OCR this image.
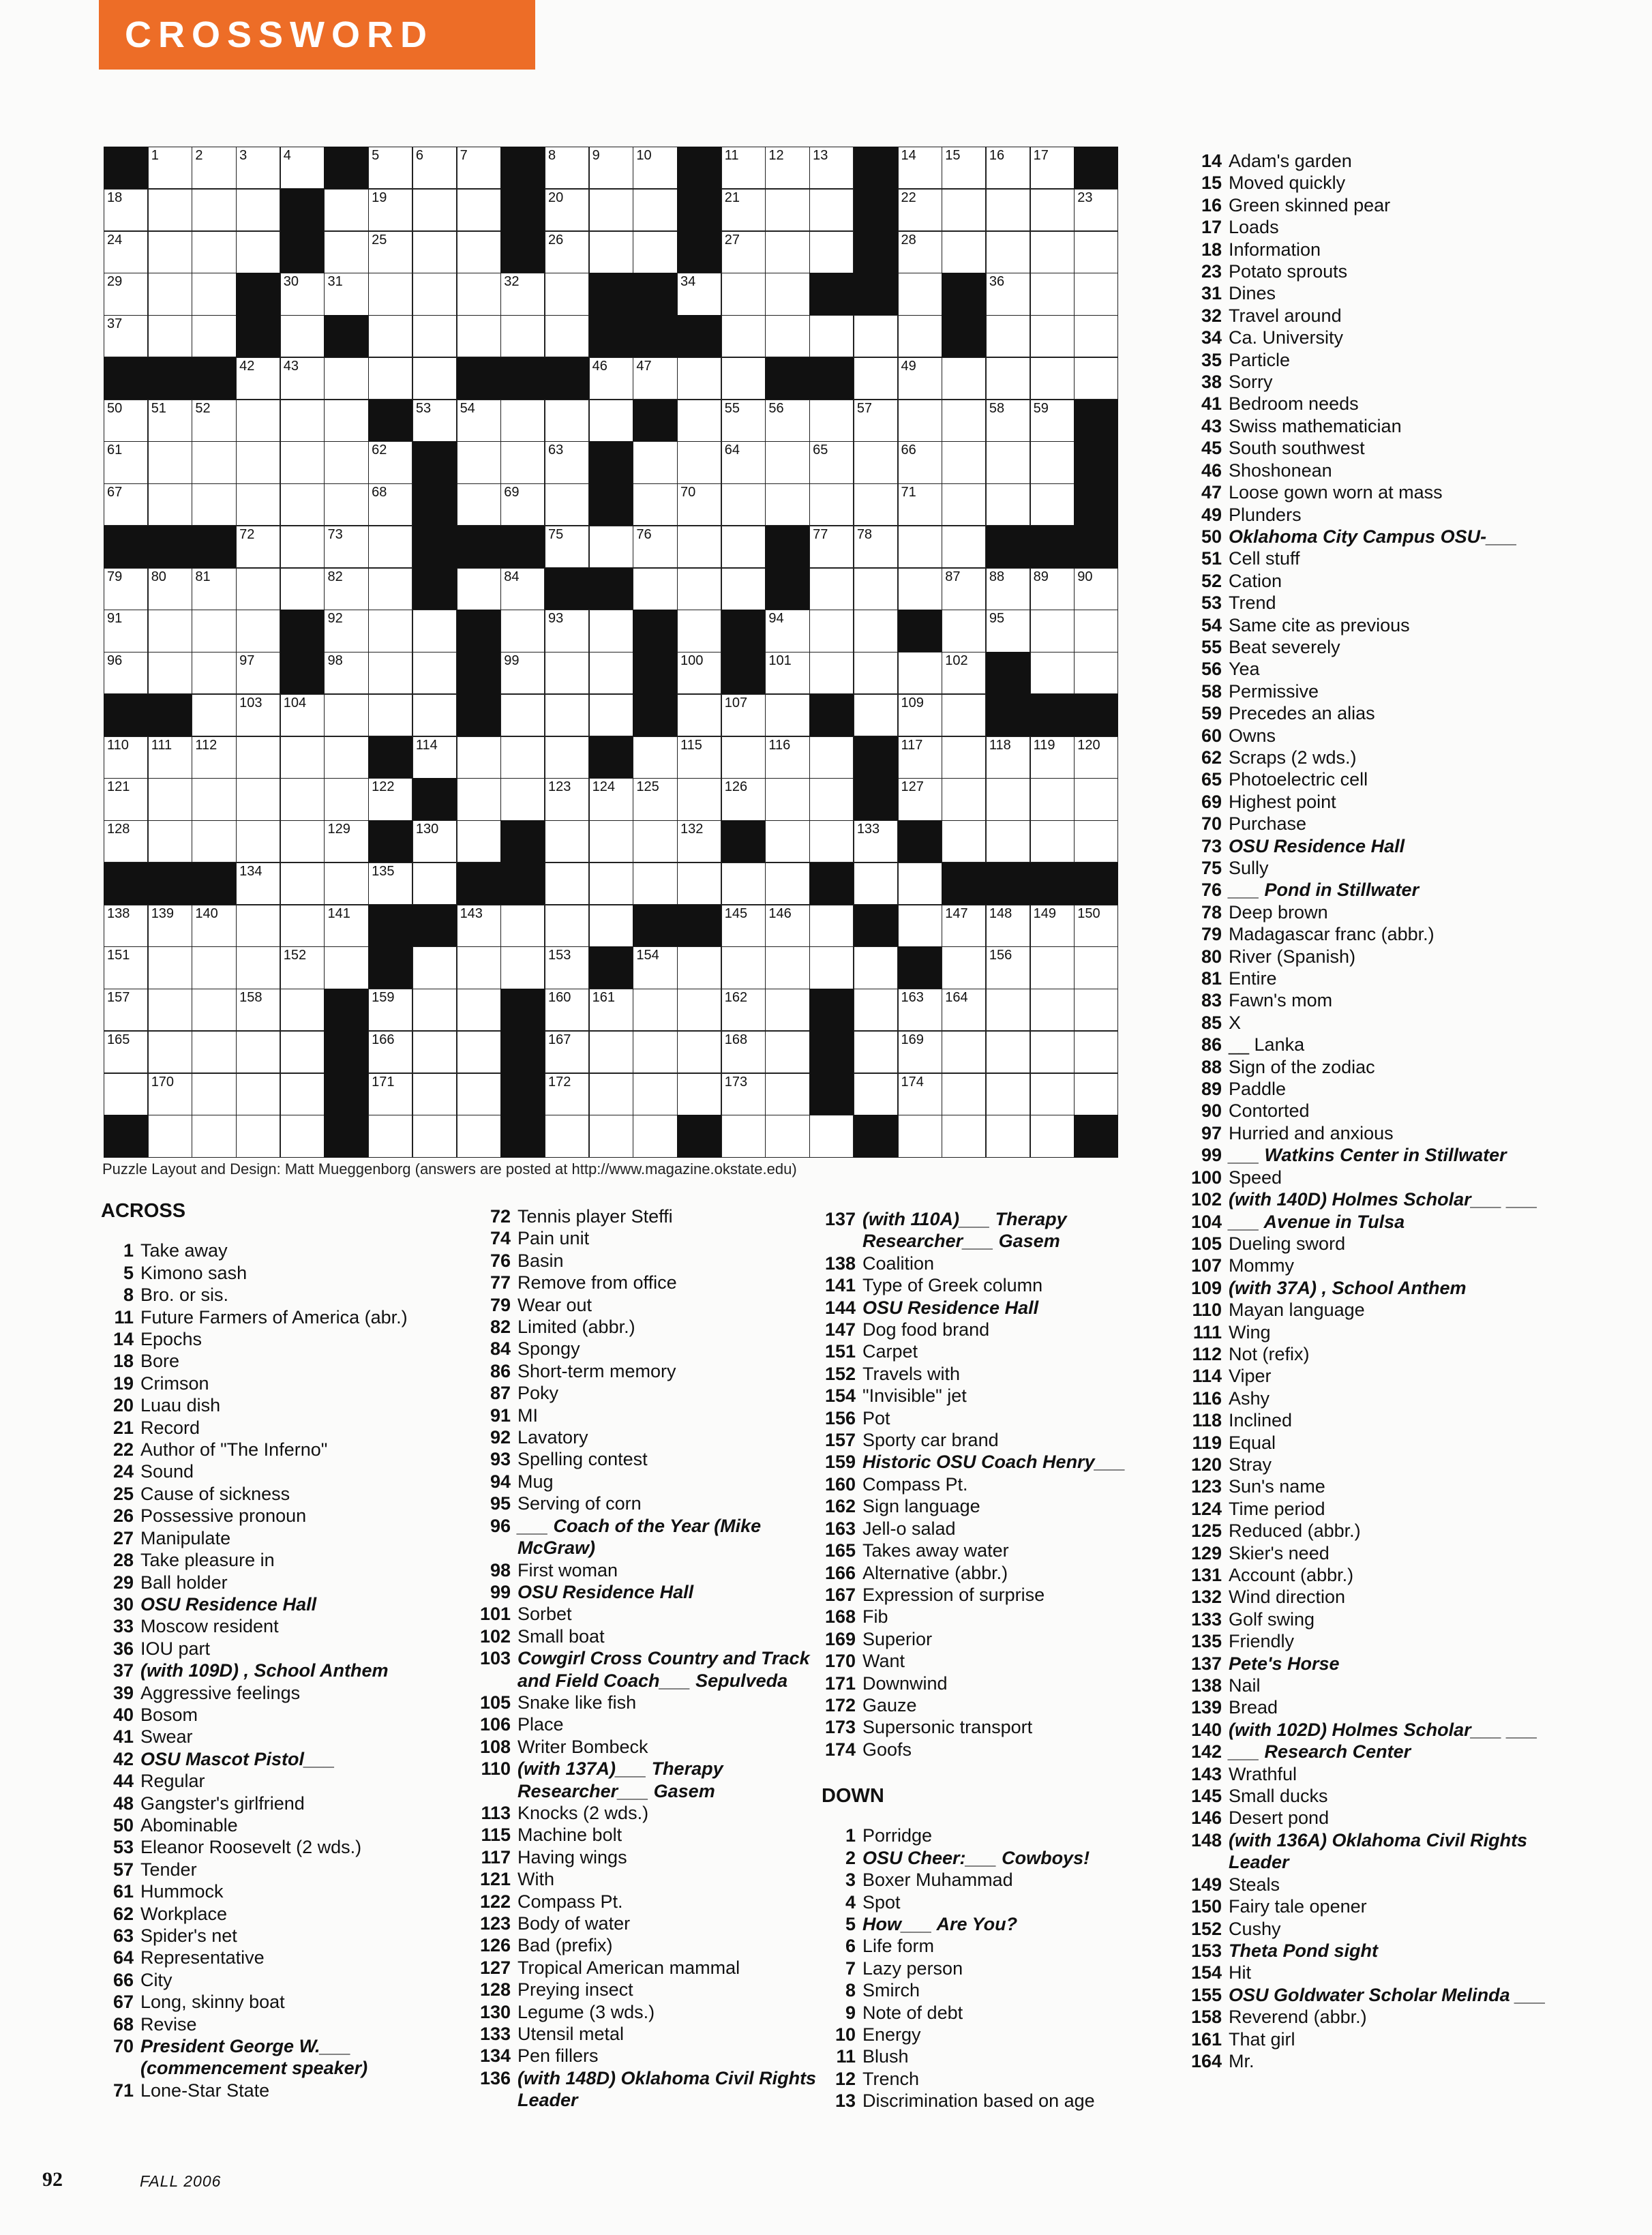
CROSSWORD
1	2	3	4	5	6	7	8	9	10	11 12 13	14 15 16 17
18	19	20	21	22	23
24	25	26	27	28
29	30 31	32	34	36
37
42 43	46 47	49
50 51 52	53 54	55 56	57	58 59
61	62	63	64	65	66
67	68	69	70	71
72	73	75	76	77 78
79 80 81	82	84	87 88 89 90
91	92	93	94	95
96	97	98	99	100	101	102
103 104	107	109
110 111 112	114	115	116	117	118 119 120
121	122	123 124 125	126	127
128	129	130	132	133
134	135
138 139 140	141	143	145 146	147 148 149 150
151	152	153	154	156
157	158	159	160 161	162	163 164
165	166	167	168	169
170	171	172	173	174
Puzzle Layout and Design: Matt Mueggenborg (answers are posted at http://www.magazine.okstate.edu)
ACROSS
1 Take away
5 Kimono sash
8 Bro. or sis.
11 Future Farmers of America (abr.)
14 Epochs
18 Bore
19 Crimson
20 Luau dish
21 Record
22 Author of "The Inferno"
24 Sound
25 Cause of sickness
26 Possessive pronoun
27 Manipulate
28 Take pleasure in
29 Ball holder
30 OSU Residence Hall
33 Moscow resident
36 IOU part
37 (with 109D) , School Anthem
39 Aggressive feelings
40 Bosom
41 Swear
42 OSU Mascot Pistol___
44 Regular
48 Gangster's girlfriend
50 Abominable
53 Eleanor Roosevelt (2 wds.)
57 Tender
61 Hummock
62 Workplace
63 Spider's net
64 Representative
66 City
67 Long, skinny boat
68 Revise
70 President George W.___ (commencement speaker)
71 Lone-Star State
72 Tennis player Steffi
74 Pain unit
76 Basin
77 Remove from office
79 Wear out
82 Limited (abbr.)
84 Spongy
86 Short-term memory
87 Poky
91 MI
92 Lavatory
93 Spelling contest
94 Mug
95 Serving of corn
96 ___ Coach of the Year (Mike McGraw)
98 First woman
99 OSU Residence Hall
101 Sorbet
102 Small boat
103 Cowgirl Cross Country and Track and Field Coach___ Sepulveda
105 Snake like fish
106 Place
108 Writer Bombeck
110 (with 137A)___ Therapy Researcher___ Gasem
113 Knocks (2 wds.)
115 Machine bolt
117 Having wings
121 With
122 Compass Pt.
123 Body of water
126 Bad (prefix)
127 Tropical American mammal
128 Preying insect
130 Legume (3 wds.)
133 Utensil metal
134 Pen fillers
136 (with 148D) Oklahoma Civil Rights Leader
137 (with 110A)___ Therapy Researcher___ Gasem
138 Coalition
141 Type of Greek column
144 OSU Residence Hall
147 Dog food brand
151 Carpet
152 Travels with
154 "Invisible" jet
156 Pot
157 Sporty car brand
159 Historic OSU Coach Henry___
160 Compass Pt.
162 Sign language
163 Jell-o salad
165 Takes away water
166 Alternative (abbr.)
167 Expression of surprise
168 Fib
169 Superior
170 Want
171 Downwind
172 Gauze
173 Supersonic transport
174 Goofs
DOWN
1 Porridge
2 OSU Cheer:___ Cowboys!
3 Boxer Muhammad
4 Spot
5 How___ Are You?
6 Life form
7 Lazy person
8 Smirch
9 Note of debt
10 Energy
11 Blush
12 Trench
13 Discrimination based on age
14 Adam's garden
15 Moved quickly
16 Green skinned pear
17 Loads
18 Information
23 Potato sprouts
31 Dines
32 Travel around
34 Ca. University
35 Particle
38 Sorry
41 Bedroom needs
43 Swiss mathematician
45 South southwest
46 Shoshonean
47 Loose gown worn at mass
49 Plunders
50 Oklahoma City Campus OSU-___
51 Cell stuff
52 Cation
53 Trend
54 Same cite as previous
55 Beat severely
56 Yea
58 Permissive
59 Precedes an alias
60 Owns
62 Scraps (2 wds.)
65 Photoelectric cell
69 Highest point
70 Purchase
73 OSU Residence Hall
75 Sully
76 ___ Pond in Stillwater
78 Deep brown
79 Madagascar franc (abbr.)
80 River (Spanish)
81 Entire
83 Fawn's mom
85 X
86 __ Lanka
88 Sign of the zodiac
89 Paddle
90 Contorted
97 Hurried and anxious
99 ___ Watkins Center in Stillwater
100 Speed
102 (with 140D) Holmes Scholar___ ___
104 ___ Avenue in Tulsa
105 Dueling sword
107 Mommy
109 (with 37A) , School Anthem
110 Mayan language
111 Wing
112 Not (refix)
114 Viper
116 Ashy
118 Inclined
119 Equal
120 Stray
123 Sun's name
124 Time period
125 Reduced (abbr.)
129 Skier's need
131 Account (abbr.)
132 Wind direction
133 Golf swing
135 Friendly
137 Pete's Horse
138 Nail
139 Bread
140 (with 102D) Holmes Scholar___ ___
142 ___ Research Center
143 Wrathful
145 Small ducks
146 Desert pond
148 (with 136A) Oklahoma Civil Rights Leader
149 Steals
150 Fairy tale opener
152 Cushy
153 Theta Pond sight
154 Hit
155 OSU Goldwater Scholar Melinda ___
158 Reverend (abbr.)
161 That girl
164 Mr.
92	FALL 2006
